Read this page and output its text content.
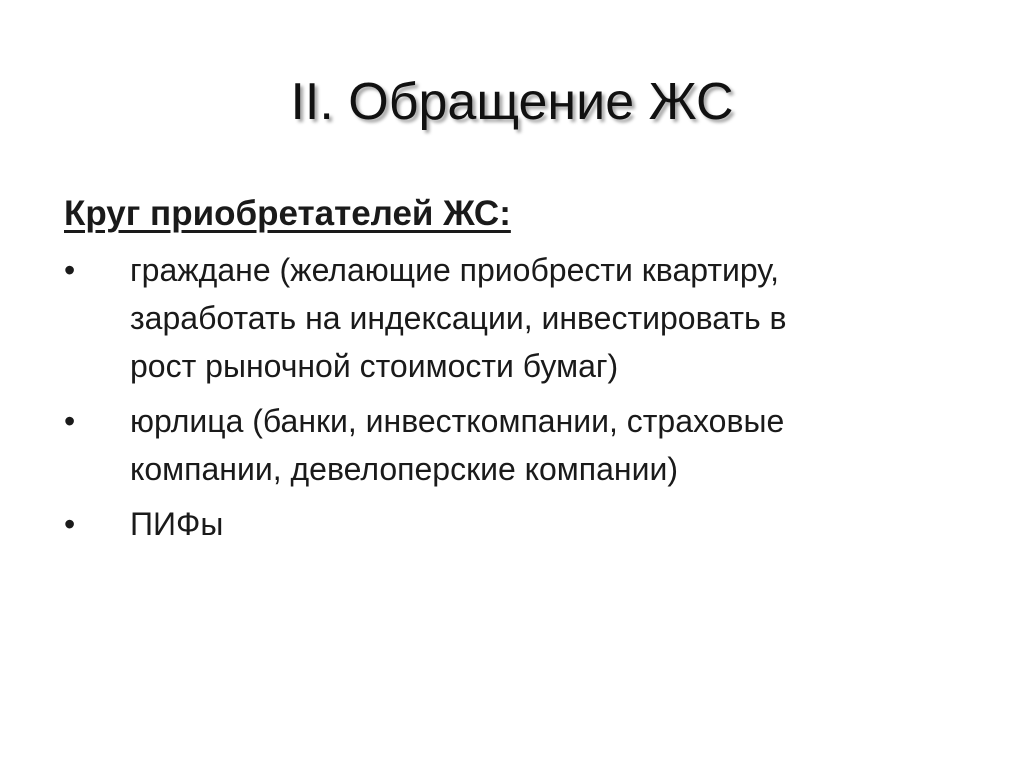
II. Обращение ЖС
Круг приобретателей ЖС:
•	граждане (желающие приобрести квартиру,
заработать на индексации, инвестировать в
рост рыночной стоимости бумаг)
•	юрлица (банки, инвесткомпании, страховые
компании, девелоперские компании)
•	ПИФы
